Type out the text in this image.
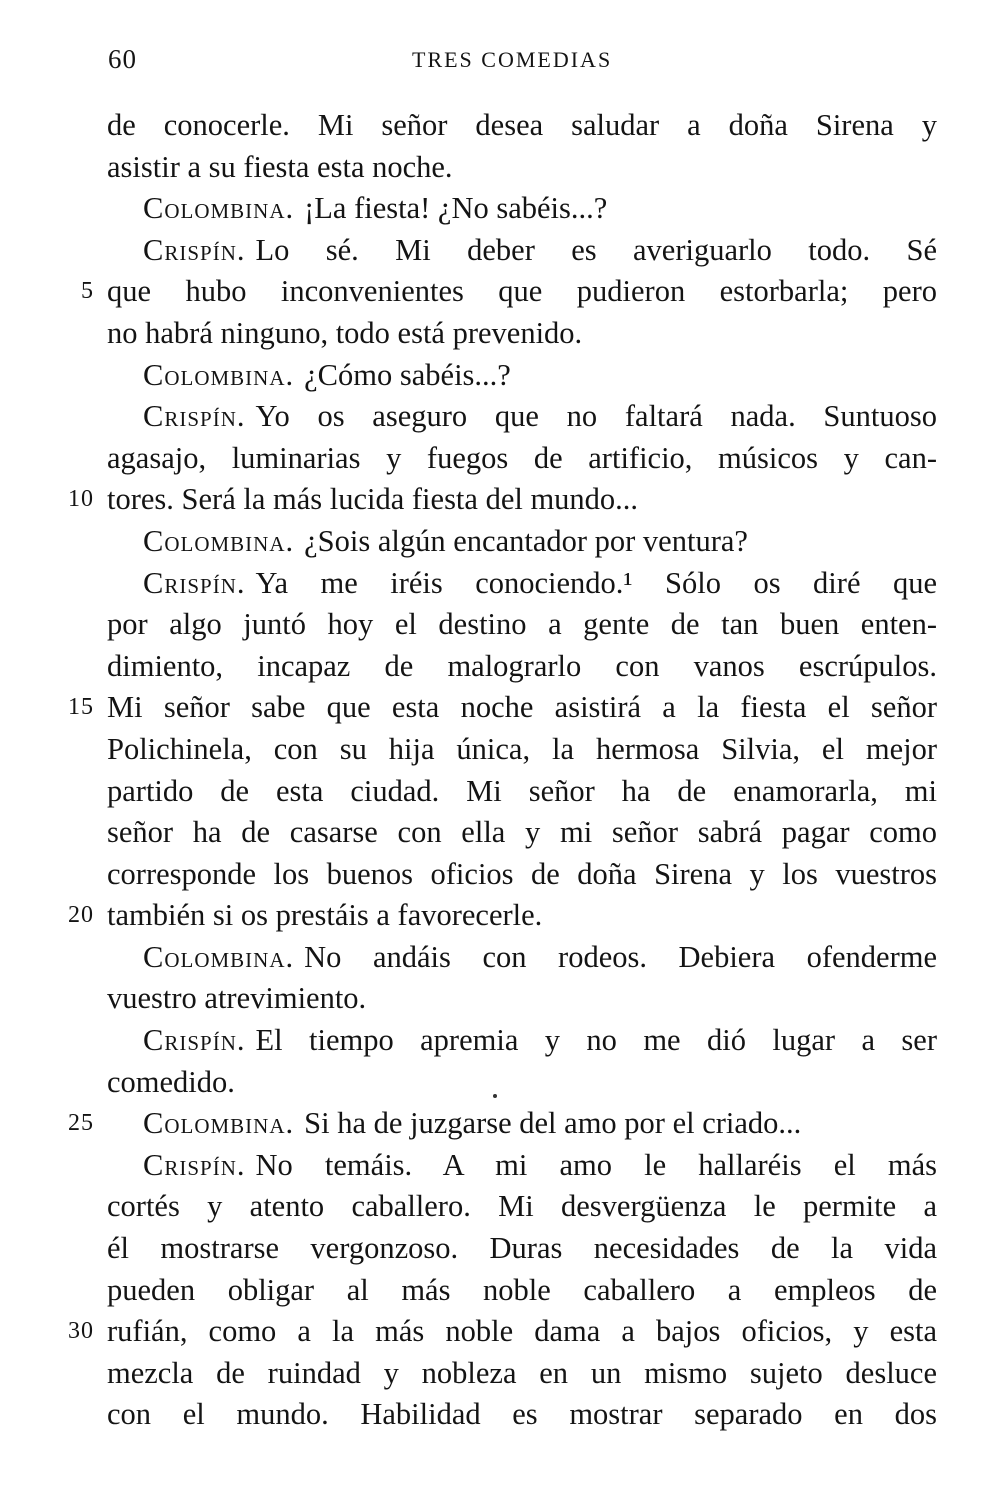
60	TRES COMEDIAS
de conocerle. Mi señor desea saludar a doña Sirena y
asistir a su fiesta esta noche.
Colombina. ¡La fiesta! ¿No sabéis...?
Crispín. Lo sé. Mi deber es averiguarlo todo. Sé
5 que hubo inconvenientes que pudieron estorbarla; pero
no habrá ninguno, todo está prevenido.
Colombina. ¿Cómo sabéis...?
Crispín. Yo os aseguro que no faltará nada. Suntuoso
agasajo, luminarias y fuegos de artificio, músicos y can-
10 tores. Será la más lucida fiesta del mundo...
Colombina. ¿Sois algún encantador por ventura?
Crispín. Ya me iréis conociendo.¹ Sólo os diré que
por algo juntó hoy el destino a gente de tan buen enten-
dimiento, incapaz de malograrlo con vanos escrúpulos.
15 Mi señor sabe que esta noche asistirá a la fiesta el señor
Polichinela, con su hija única, la hermosa Silvia, el mejor
partido de esta ciudad. Mi señor ha de enamorarla, mi
señor ha de casarse con ella y mi señor sabrá pagar como
corresponde los buenos oficios de doña Sirena y los vuestros
20 también si os prestáis a favorecerle.
Colombina. No andáis con rodeos. Debiera ofenderme
vuestro atrevimiento.
Crispín. El tiempo apremia y no me dió lugar a ser
comedido.
25 Colombina. Si ha de juzgarse del amo por el criado...
Crispín. No temáis. A mi amo le hallaréis el más
cortés y atento caballero. Mi desvergüenza le permite a
él mostrarse vergonzoso. Duras necesidades de la vida
pueden obligar al más noble caballero a empleos de
30 rufián, como a la más noble dama a bajos oficios, y esta
mezcla de ruindad y nobleza en un mismo sujeto desluce
con el mundo. Habilidad es mostrar separado en dos
